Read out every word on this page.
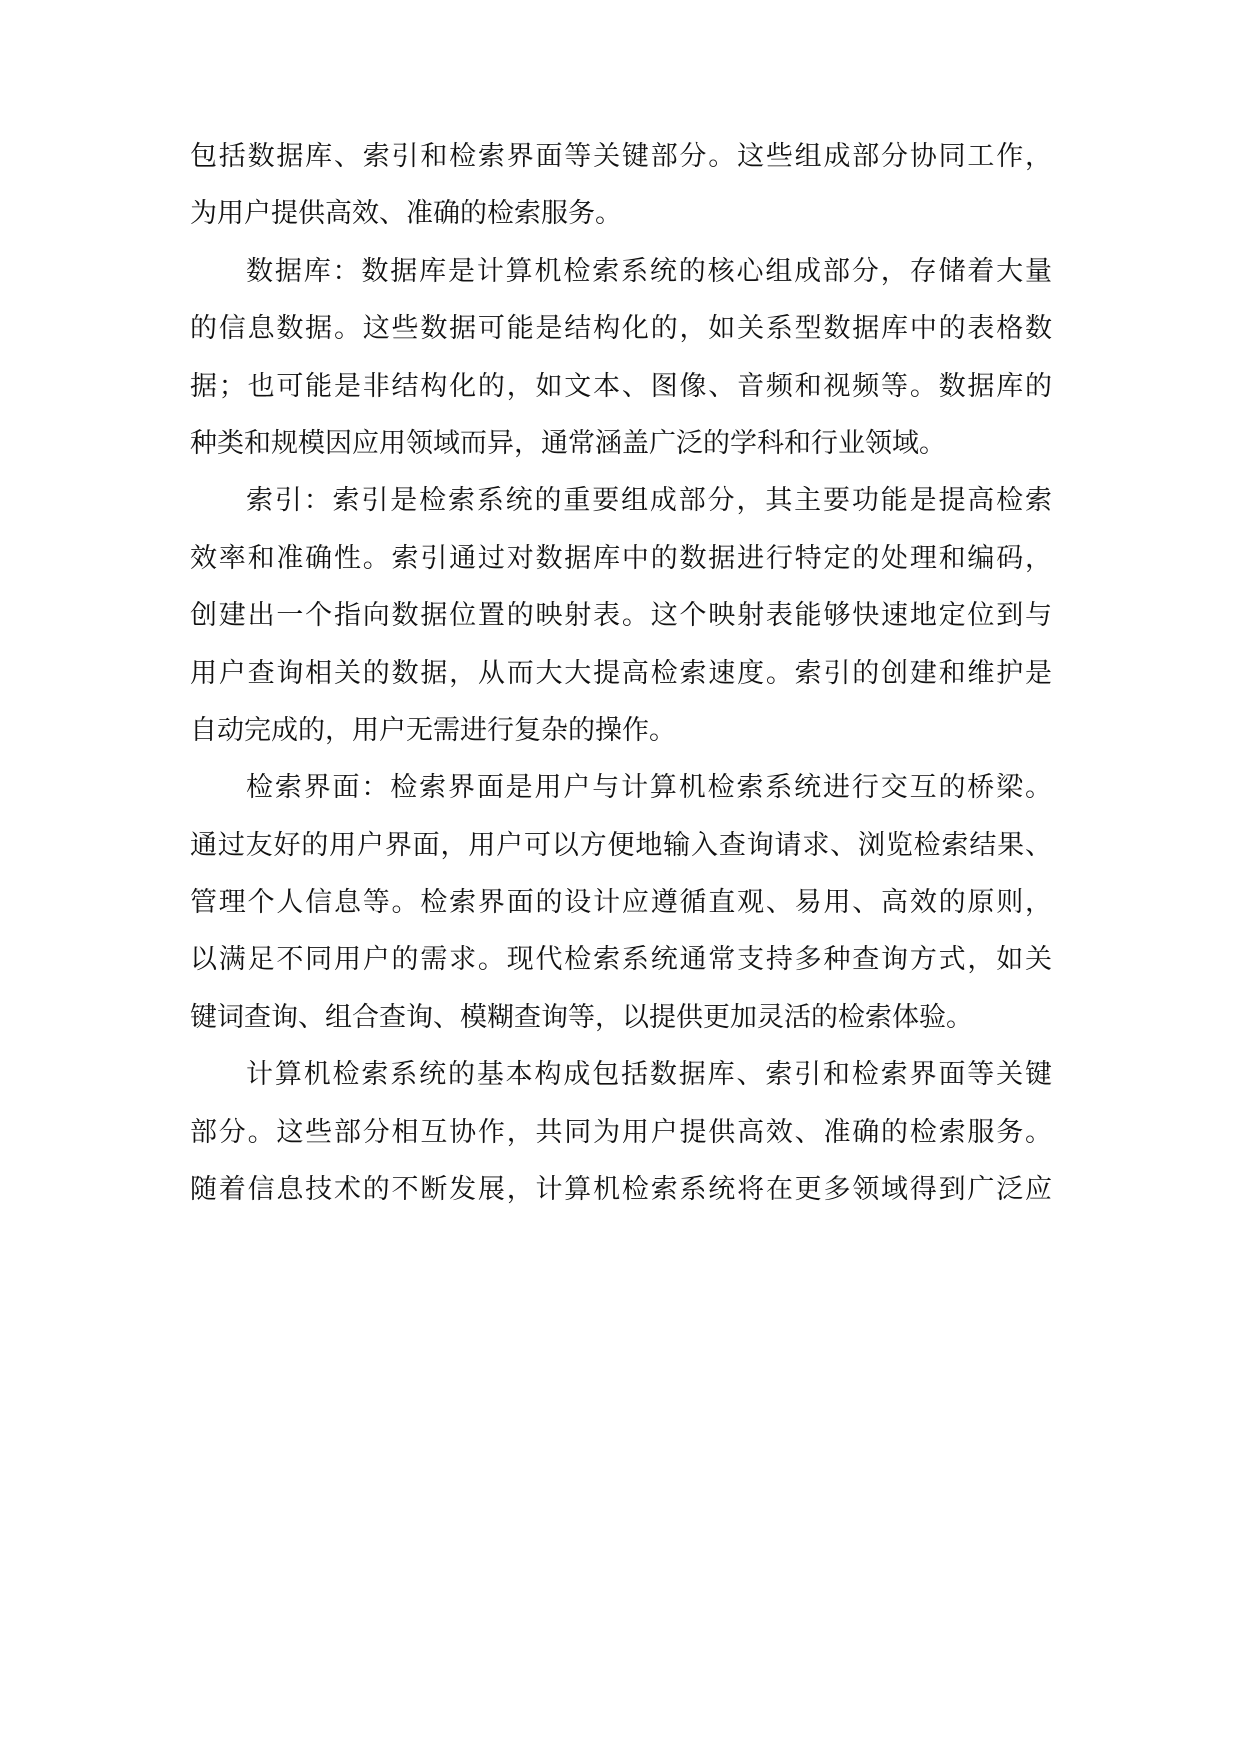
包括数据库、索引和检索界面等关键部分。这些组成部分协同工作，
为用户提供高效、准确的检索服务。
数据库：数据库是计算机检索系统的核心组成部分，存储着大量
的信息数据。这些数据可能是结构化的，如关系型数据库中的表格数
据；也可能是非结构化的，如文本、图像、音频和视频等。数据库的
种类和规模因应用领域而异，通常涵盖广泛的学科和行业领域。
索引：索引是检索系统的重要组成部分，其主要功能是提高检索
效率和准确性。索引通过对数据库中的数据进行特定的处理和编码，
创建出一个指向数据位置的映射表。这个映射表能够快速地定位到与
用户查询相关的数据，从而大大提高检索速度。索引的创建和维护是
自动完成的，用户无需进行复杂的操作。
检索界面：检索界面是用户与计算机检索系统进行交互的桥梁。
通过友好的用户界面，用户可以方便地输入查询请求、浏览检索结果、
管理个人信息等。检索界面的设计应遵循直观、易用、高效的原则，
以满足不同用户的需求。现代检索系统通常支持多种查询方式，如关
键词查询、组合查询、模糊查询等，以提供更加灵活的检索体验。
计算机检索系统的基本构成包括数据库、索引和检索界面等关键
部分。这些部分相互协作，共同为用户提供高效、准确的检索服务。
随着信息技术的不断发展，计算机检索系统将在更多领域得到广泛应
